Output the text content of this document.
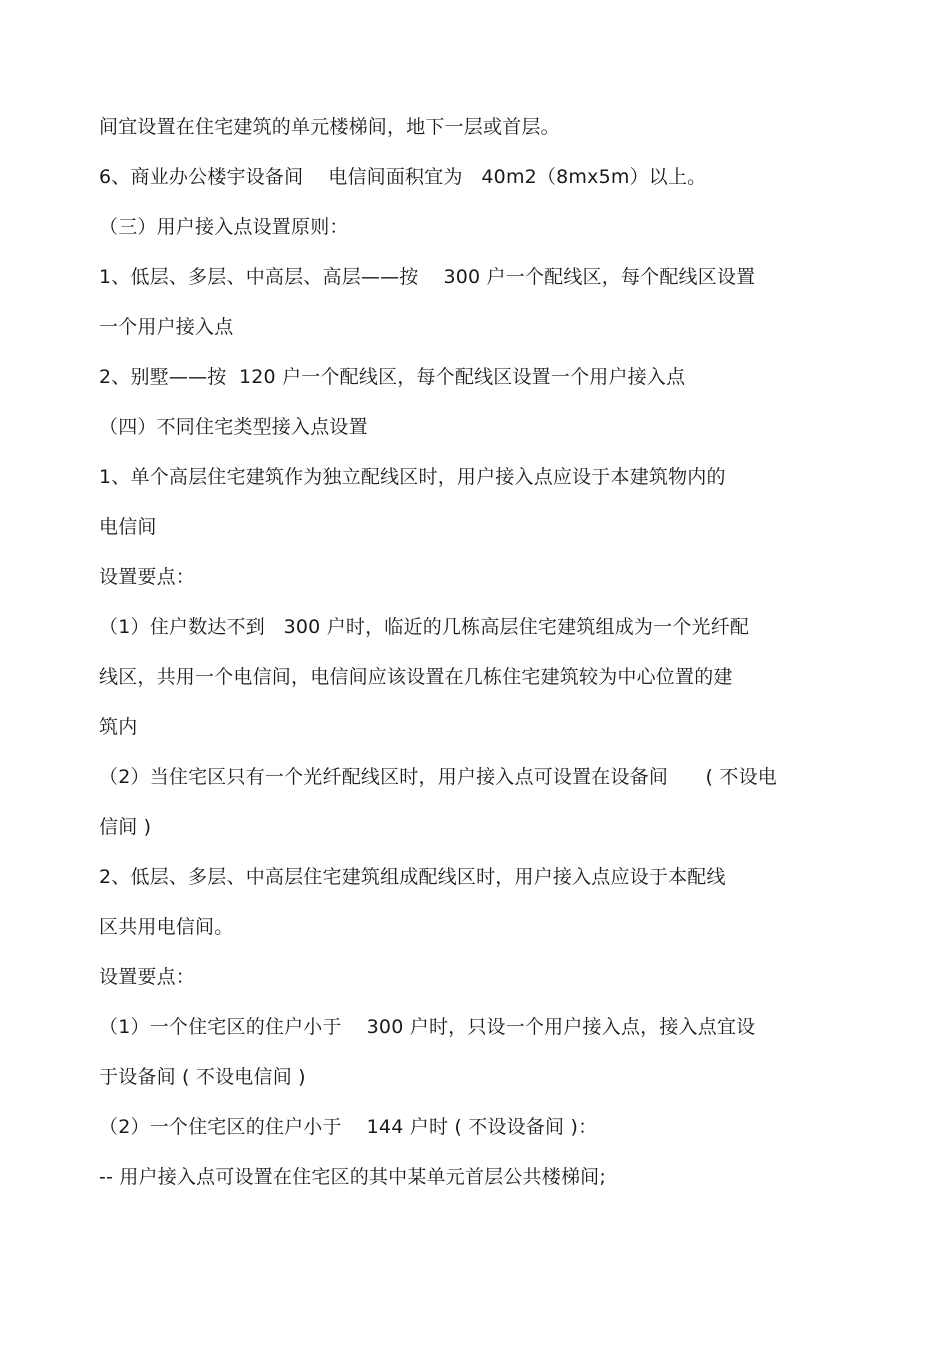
间宜设置在住宅建筑的单元楼梯间，地下一层或首层。
6、商业办公楼宇设备间    电信间面积宜为   40m2（8mx5m）以上。
（三）用户接入点设置原则：
1、低层、多层、中高层、高层——按    300 户一个配线区，每个配线区设置
一个用户接入点
2、别墅——按  120 户一个配线区，每个配线区设置一个用户接入点
（四）不同住宅类型接入点设置
1、单个高层住宅建筑作为独立配线区时，用户接入点应设于本建筑物内的
电信间
设置要点：
（1）住户数达不到   300 户时，临近的几栋高层住宅建筑组成为一个光纤配
线区，共用一个电信间，电信间应该设置在几栋住宅建筑较为中心位置的建
筑内
（2）当住宅区只有一个光纤配线区时，用户接入点可设置在设备间      ( 不设电
信间 )
2、低层、多层、中高层住宅建筑组成配线区时，用户接入点应设于本配线
区共用电信间。
设置要点：
（1）一个住宅区的住户小于    300 户时，只设一个用户接入点，接入点宜设
于设备间 ( 不设电信间 )
（2）一个住宅区的住户小于    144 户时 ( 不设设备间 )：
-- 用户接入点可设置在住宅区的其中某单元首层公共楼梯间;
